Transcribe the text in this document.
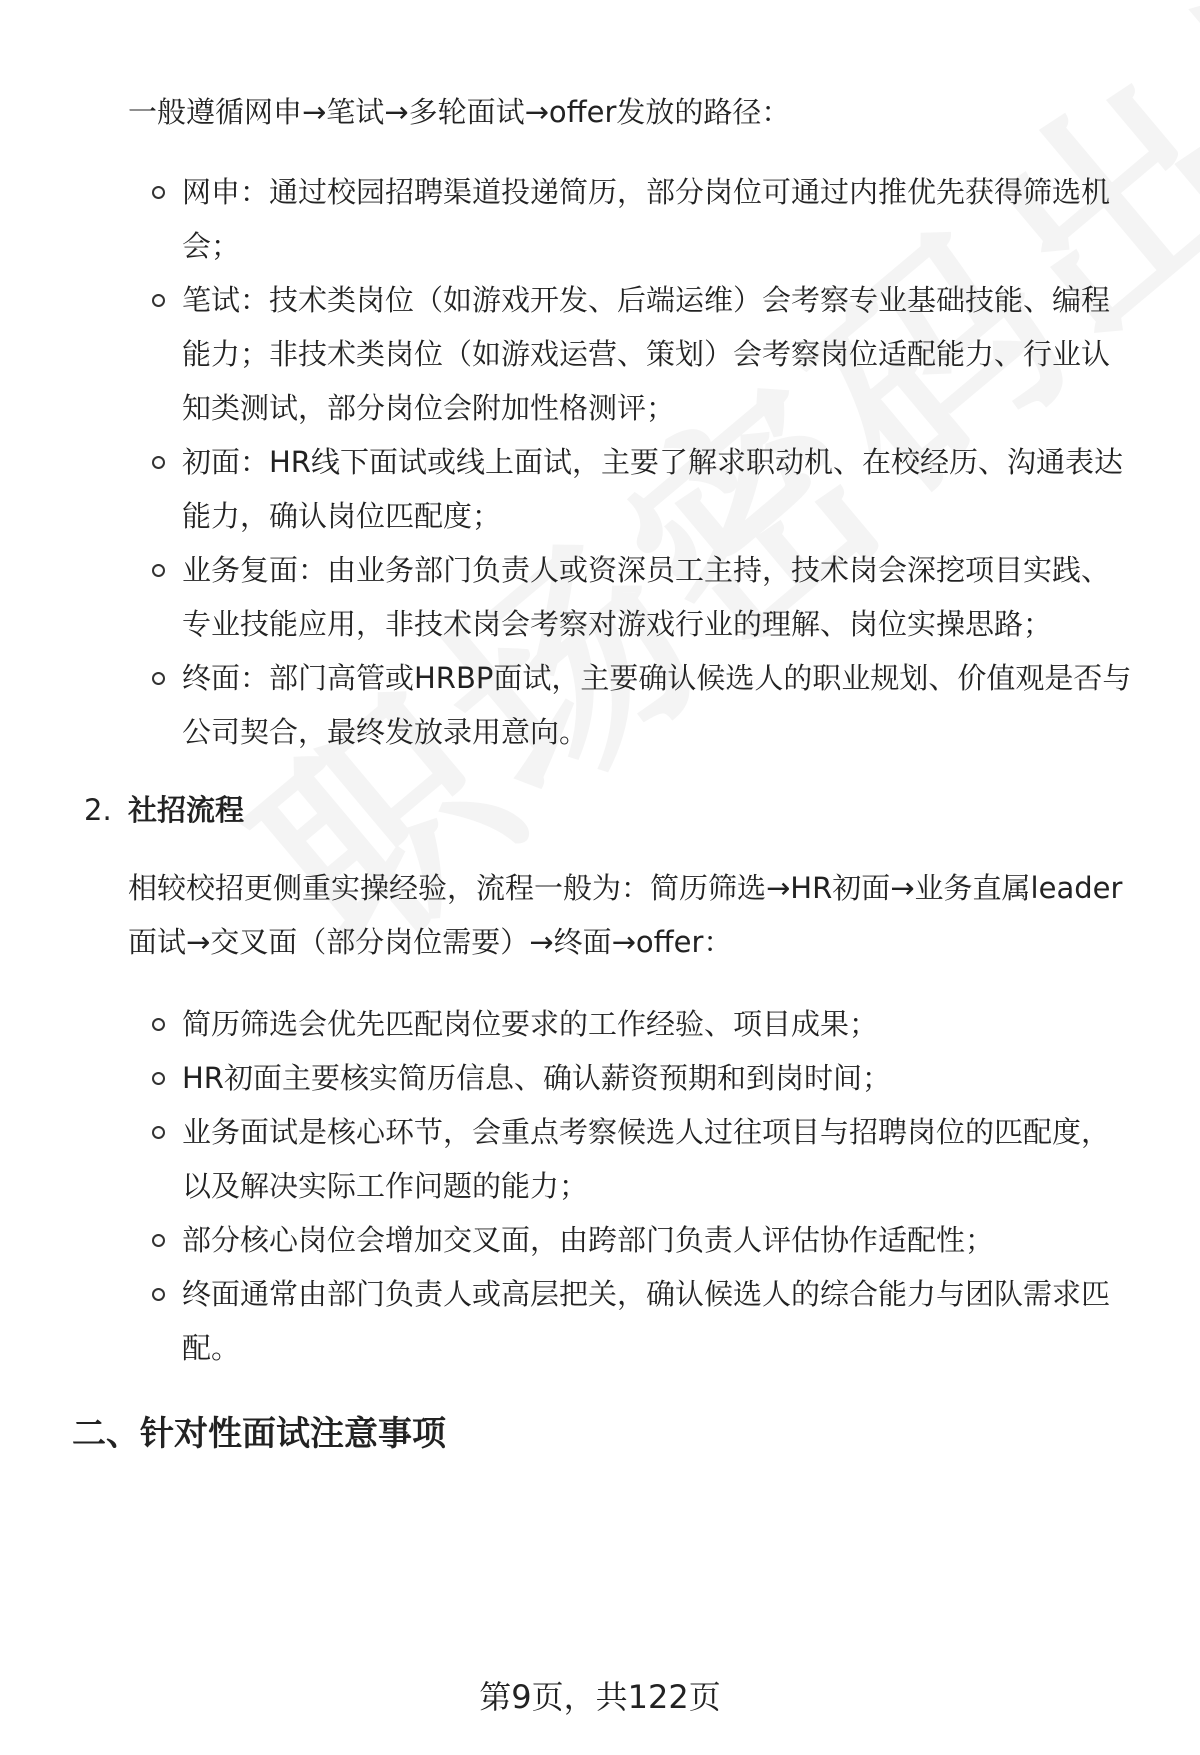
一般遵循网申→笔试→多轮面试→offer发放的路径：
网申：通过校园招聘渠道投递简历，部分岗位可通过内推优先获得筛选机
会；
笔试：技术类岗位（如游戏开发、后端运维）会考察专业基础技能、编程
能力；非技术类岗位（如游戏运营、策划）会考察岗位适配能力、行业认
知类测试，部分岗位会附加性格测评；
初面：HR线下面试或线上面试，主要了解求职动机、在校经历、沟通表达
能力，确认岗位匹配度；
业务复面：由业务部门负责人或资深员工主持，技术岗会深挖项目实践、
专业技能应用，非技术岗会考察对游戏行业的理解、岗位实操思路；
终面：部门高管或HRBP面试，主要确认候选人的职业规划、价值观是否与
公司契合，最终发放录用意向。
2. 社招流程
相较校招更侧重实操经验，流程一般为：简历筛选→HR初面→业务直属leader
面试→交叉面（部分岗位需要）→终面→offer：
简历筛选会优先匹配岗位要求的工作经验、项目成果；
HR初面主要核实简历信息、确认薪资预期和到岗时间；
业务面试是核心环节，会重点考察候选人过往项目与招聘岗位的匹配度，
以及解决实际工作问题的能力；
部分核心岗位会增加交叉面，由跨部门负责人评估协作适配性；
终面通常由部门负责人或高层把关，确认候选人的综合能力与团队需求匹
配。
二、针对性面试注意事项
第9页，共122页
